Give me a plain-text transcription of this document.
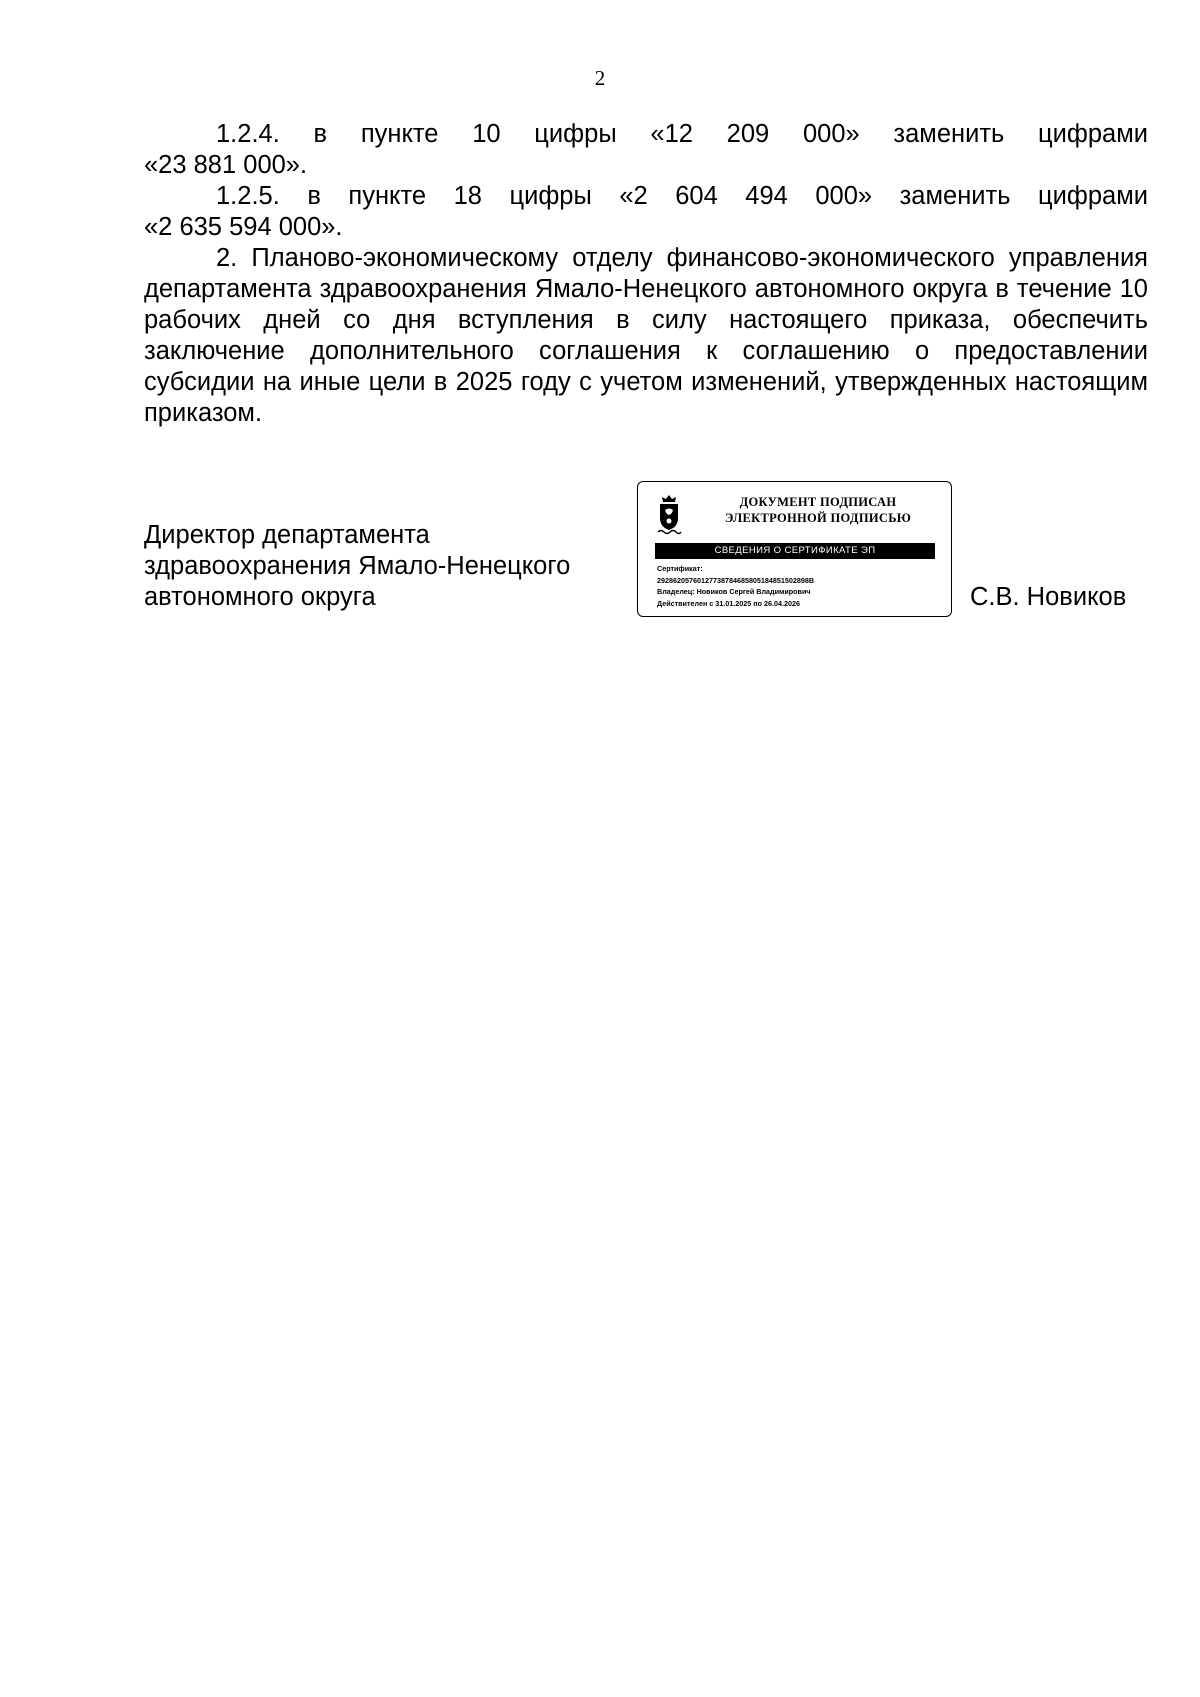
2

1.2.4. в пункте 10 цифры «12 209 000» заменить цифрами
«23 881 000».

1.2.5. в пункте 18 цифры «2 604 494 000» заменить цифрами
«2 635 594 000».

2. Планово-экономическому отделу финансово-экономического управления департамента здравоохранения Ямало-Ненецкого автономного округа в течение 10 рабочих дней со дня вступления в силу настоящего приказа, обеспечить заключение дополнительного соглашения к соглашению о предоставлении субсидии на иные цели в 2025 году с учетом изменений, утвержденных настоящим приказом.

Директор департамента
здравоохранения Ямало-Ненецкого
автономного округа
ДОКУМЕНТ ПОДПИСАН
ЭЛЕКТРОННОЙ ПОДПИСЬЮ
СВЕДЕНИЯ О СЕРТИФИКАТЕ ЭП
Сертификат:
29286205760127738784685805184851502898B
Владелец: Новиков Сергей Владимирович
Действителен с 31.01.2025 по 26.04.2026	С.В. Новиков
